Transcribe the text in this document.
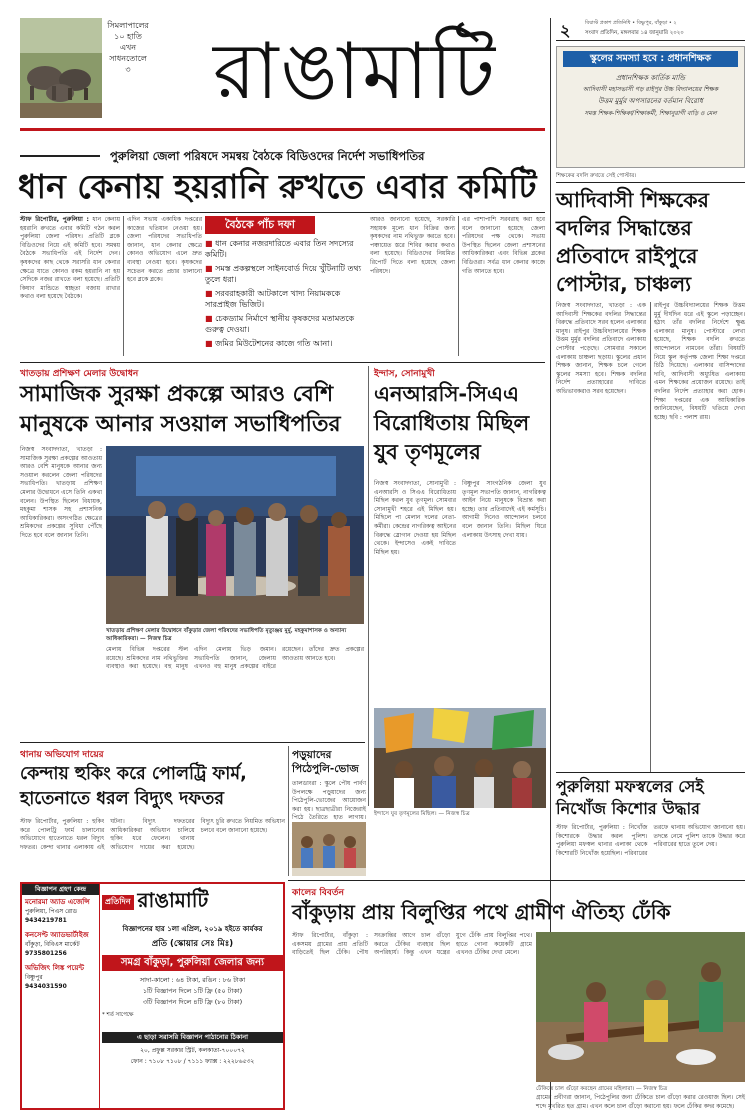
সিমলাপালের
১০ হাতি এখন
সাধনতোলে
৩	রাঙামাটি	২	বিয়াস্ট প্রকাশ প্রতিনিধি • বিষ্ণুপুর, বাঁকুড়া • ২
সংবাদ প্রতিদিন, মঙ্গলবার ১৪ জানুয়ারি ২০২০
পুরুলিয়া জেলা পরিষদে সমন্বয় বৈঠকে বিডিওদের নির্দেশ সভাধিপতির
ধান কেনায় হয়রানি রুখতে এবার কমিটি
স্টাফ রিপোর্টার, পুরুলিয়া : ধান কেনায় হয়রানি রুখতে এবার কমিটি গঠন করল পুরুলিয়া জেলা পরিষদ। প্রতিটি ব্লকে বিডিওদের নিয়ে এই কমিটি হবে। সমন্বয় বৈঠকে সভাধিপতি এই নির্দেশ দেন। কৃষকদের কাছ থেকে সরাসরি ধান কেনার ক্ষেত্রে যাতে কোনও রকম হয়রানি না হয় সেদিকে নজর রাখতে বলা হয়েছে। প্রতিটি কিষাণ মান্ডিতে স্বচ্ছতা বজায় রাখার কথাও বলা হয়েছে বৈঠকে।
এদিন সভায় একাধিক দপ্তরের কাজের খতিয়ান নেওয়া হয়। জেলা পরিষদের সভাধিপতি জানান, ধান কেনার ক্ষেত্রে কোনও অভিযোগ এলে দ্রুত ব্যবস্থা নেওয়া হবে। কৃষকদের সচেতন করতে প্রচার চালানো হবে ব্লকে ব্লকে।
বৈঠকে পাঁচ দফা
■ ধান কেনার নজরদারিতে এবার তিন সদস্যের কমিটি।
■ সমস্ত প্রকল্পস্থলে সাইনবোর্ড দিয়ে খুঁটিনাটি তথ্য তুলে ধরা।
■ সরবরাহকারী আটকালে খাদ্য নিয়ামককে সারপ্রাইজ ভিজিট।
■ চেকড্যাম নির্মাণে স্থানীয় কৃষকদের মতামতকে গুরুত্ব দেওয়া।
■ জমির মিউটেশনের কাজে গতি আনা।
আরও জানানো হয়েছে, সরকারি সহায়ক মূল্যে ধান বিক্রির জন্য কৃষকদের নাম নথিভুক্ত করতে হবে। পঞ্চায়েত স্তরে শিবির করার কথাও বলা হয়েছে। বিডিওদের নিয়মিত রিপোর্ট দিতে বলা হয়েছে জেলা পরিষদে।
এর পাশাপাশি সরবরাহ করা হবে বলে জানানো হয়েছে জেলা পরিষদের পক্ষ থেকে। সভায় উপস্থিত ছিলেন জেলা প্রশাসনের আধিকারিকরা এবং বিভিন্ন ব্লকের বিডিওরা। সর্বত্র ধান কেনার কাজে গতি আনতে হবে।
স্কুলের সমস্যা হবে : প্রধানশিক্ষক
প্রধানশিক্ষক কার্তিক মান্ডি
আদিবাসী মহাসভাসী গড় রাইপুর উচ্চ বিদ্যালয়ের শিক্ষক
উত্তম মুর্মুর অপসারনের বর্তমান বিরোধ
সমস্ত শিক্ষক-শিক্ষিকা/শিক্ষাকর্মী, শিক্ষানুরাগী বাড়ি ও মেল
শিক্ষকের বদলি রুখতে সেই পোস্টার।
আদিবাসী শিক্ষকের বদলির সিদ্ধান্তের প্রতিবাদে রাইপুরে পোস্টার, চাঞ্চল্য
নিজস্ব সংবাদদাতা, খাতড়া : এক আদিবাসী শিক্ষকের বদলির সিদ্ধান্তের বিরুদ্ধে প্রতিবাদে সরব হলেন এলাকার মানুষ। রাইপুর উচ্চবিদ্যালয়ের শিক্ষক উত্তম মুর্মুর বদলির প্রতিবাদে এলাকায় পোস্টার পড়েছে। সোমবার সকালে এলাকায় চাঞ্চল্য ছড়ায়। স্কুলের প্রধান শিক্ষক জানান, শিক্ষক চলে গেলে স্কুলের সমস্যা হবে। শিক্ষক বদলির নির্দেশ প্রত্যাহারের দাবিতে অভিভাবকরাও সরব হয়েছেন।
রাইপুর উচ্চবিদ্যালয়ের শিক্ষক উত্তম মুর্মু দীর্ঘদিন ধরে এই স্কুলে পড়াচ্ছেন। হঠাৎ তাঁর বদলির নির্দেশে ক্ষুব্ধ এলাকার মানুষ। পোস্টারে লেখা হয়েছে, শিক্ষক বদলি রুখতে আন্দোলনে নামবেন তাঁরা। বিষয়টি নিয়ে স্কুল কর্তৃপক্ষ জেলা শিক্ষা দপ্তরে চিঠি দিয়েছে। এলাকার বাসিন্দাদের দাবি, আদিবাসী অধ্যুষিত এলাকায় এমন শিক্ষকের প্রয়োজন রয়েছে। তাই বদলির নির্দেশ প্রত্যাহার করা হোক। শিক্ষা দপ্তরের এক আধিকারিক জানিয়েছেন, বিষয়টি খতিয়ে দেখা হচ্ছে। ছবি : পলাশ রায়।
খাতড়ায় প্রশিক্ষণ মেলার উদ্বোধন
সামাজিক সুরক্ষা প্রকল্পে আরও বেশি মানুষকে আনার সওয়াল সভাধিপতির
নিজস্ব সংবাদদাতা, খাতড়া : সামাজিক সুরক্ষা প্রকল্পের আওতায় আরও বেশি মানুষকে আনার জন্য সওয়াল করলেন জেলা পরিষদের সভাধিপতি। খাতড়ায় প্রশিক্ষণ মেলার উদ্বোধনে এসে তিনি একথা বলেন। উপস্থিত ছিলেন বিধায়ক, মহকুমা শাসক সহ প্রশাসনিক আধিকারিকরা। অসংগঠিত ক্ষেত্রের শ্রমিকদের প্রকল্পের সুবিধা পৌঁছে দিতে হবে বলে জানান তিনি।
খাতড়ায় প্রশিক্ষণ মেলার উদ্বোধনে বাঁকুড়ার জেলা পরিষদের সভাধিপতি মৃত্যুঞ্জয় মুর্মু, মহকুমাশাসক ও অন্যান্য আধিকারিকরা। — নিজস্ব চিত্র
মেলায় বিভিন্ন দপ্তরের স্টল রয়েছে। শ্রমিকদের নাম নথিভুক্তির ব্যবস্থাও করা হয়েছে। বহু মানুষ এদিন মেলায় ভিড় জমান। সভাধিপতি জানান, জেলায় এখনও বহু মানুষ প্রকল্পের বাইরে রয়েছেন। তাঁদের দ্রুত প্রকল্পের আওতায় আনতে হবে।
ইন্দাস, সোনামুখী
এনআরসি-সিএএ বিরোধিতায় মিছিল যুব তৃণমূলের
নিজস্ব সংবাদদাতা, সোনামুখী : এনআরসি ও সিএএ বিরোধিতায় মিছিল করল যুব তৃণমূল। সোমবার সোনামুখী শহরে এই মিছিল হয়। মিছিলে পা মেলান দলের নেতা-কর্মীরা। কেন্দ্রের নাগরিকত্ব আইনের বিরুদ্ধে স্লোগান দেওয়া হয় মিছিল থেকে। ইন্দাসেও একই দাবিতে মিছিল হয়।
বিষ্ণুপুর সাংগঠনিক জেলা যুব তৃণমূল সভাপতি জানান, নাগরিকত্ব আইন নিয়ে মানুষকে বিভ্রান্ত করা হচ্ছে। তার প্রতিবাদেই এই কর্মসূচি। আগামী দিনেও আন্দোলন চলবে বলে জানান তিনি। মিছিল ঘিরে এলাকায় উৎসাহ দেখা যায়।
ইন্দাসে যুব তৃণমূলের মিছিল। — নিজস্ব চিত্র
থানায় অভিযোগ দায়ের
কেন্দায় হুকিং করে পোলট্রি ফার্ম, হাতেনাতে ধরল বিদ্যুৎ দফতর
স্টাফ রিপোর্টার, পুরুলিয়া : হুকিং করে পোলট্রি ফার্ম চালানোর অভিযোগে হাতেনাতে ধরল বিদ্যুৎ দফতর। কেন্দা থানার এলাকায় এই ঘটনা। বিদ্যুৎ দফতরের আধিকারিকরা অভিযান চালিয়ে হুকিং ধরে ফেলেন। থানায় অভিযোগ দায়ের করা হয়েছে। বিদ্যুৎ চুরি রুখতে নিয়মিত অভিযান চলবে বলে জানানো হয়েছে।
পড়ুয়াদের পিঠেপুলি-ভোজ
তালডাংরা : স্কুলে পৌষ পার্বণ উপলক্ষে পড়ুয়াদের জন্য পিঠেপুলি-ভোজের আয়োজন করা হয়। ছাত্রছাত্রীরা নিজেরাই পিঠে তৈরিতে হাত লাগায়।
পুরুলিয়া মফস্বলের সেই নিখোঁজ কিশোর উদ্ধার
স্টাফ রিপোর্টার, পুরুলিয়া : নিখোঁজ কিশোরকে উদ্ধার করল পুলিশ। পুরুলিয়া মফস্বল থানার এলাকা থেকে কিশোরটি নিখোঁজ হয়েছিল। পরিবারের তরফে থানায় অভিযোগ জানানো হয়। তদন্তে নেমে পুলিশ তাকে উদ্ধার করে পরিবারের হাতে তুলে দেয়।
কালের বিবর্তন
বাঁকুড়ায় প্রায় বিলুপ্তির পথে গ্রামীণ ঐতিহ্য ঢেঁকি
স্টাফ রিপোর্টার, বাঁকুড়া : একসময় গ্রামের প্রায় প্রতিটি বাড়িতেই ছিল ঢেঁকি। পৌষ সংক্রান্তির আগে চাল গুঁড়ো করতে ঢেঁকির ব্যবহার ছিল অপরিহার্য। কিন্তু এখন যন্ত্রের যুগে ঢেঁকি প্রায় বিলুপ্তির পথে। হাতে গোনা কয়েকটি গ্রামে এখনও ঢেঁকির দেখা মেলে।
ঢেঁকিতে চাল গুঁড়ো করছেন গ্রামের মহিলারা। — নিজস্ব চিত্র
গ্রামের প্রবীণরা জানান, পিঠেপুলির জন্য ঢেঁকিতে চাল গুঁড়ো করার রেওয়াজ ছিল। সেই শব্দে মুখরিত হত গ্রাম। এখন কলে চাল গুঁড়ো করানো হয়। ফলে ঢেঁকির কদর কমেছে।
বিজ্ঞাপন গ্রহণ কেন্দ্র
মনোরমা অ্যাড এজেন্সি
পুরুলিয়া, পিএস রোড
9434219781
কনসেপ্ট অ্যাডভার্টাইজ
বাঁকুড়া, বিবিএস মার্কেট
9735801256
অভিজিৎ লিঙ্ক পয়েন্ট
বিষ্ণুপুর
9434031590
প্রতিদিন রাঙামাটি
বিজ্ঞাপনের হার ১লা এপ্রিল, ২০১৯ হইতে কার্যকর
প্রতি (স্কোয়ার সেঃ মিঃ)
সমগ্র বাঁকুড়া, পুরুলিয়া জেলার জন্য
সাদা-কালো : ৬৪ টাকা, রঙিন : ৮৬ টাকা
১টি বিজ্ঞাপন দিলে ১টি ফ্রি (৫০ টাকা)
৩টি বিজ্ঞাপন দিলে ৪টি ফ্রি (৮০ টাকা)
* শর্ত সাপেক্ষে
এ ছাড়া সরাসরি বিজ্ঞাপন পাঠানোর ঠিকানা
২০, প্রফুল্ল সরকার স্ট্রিট, কলকাতা-৭০০০৭২
ফোন : ৭১০৮ ৭১০৮ / ৭১১১ ফ্যাক্স : ২২২৮৬৫৩২
